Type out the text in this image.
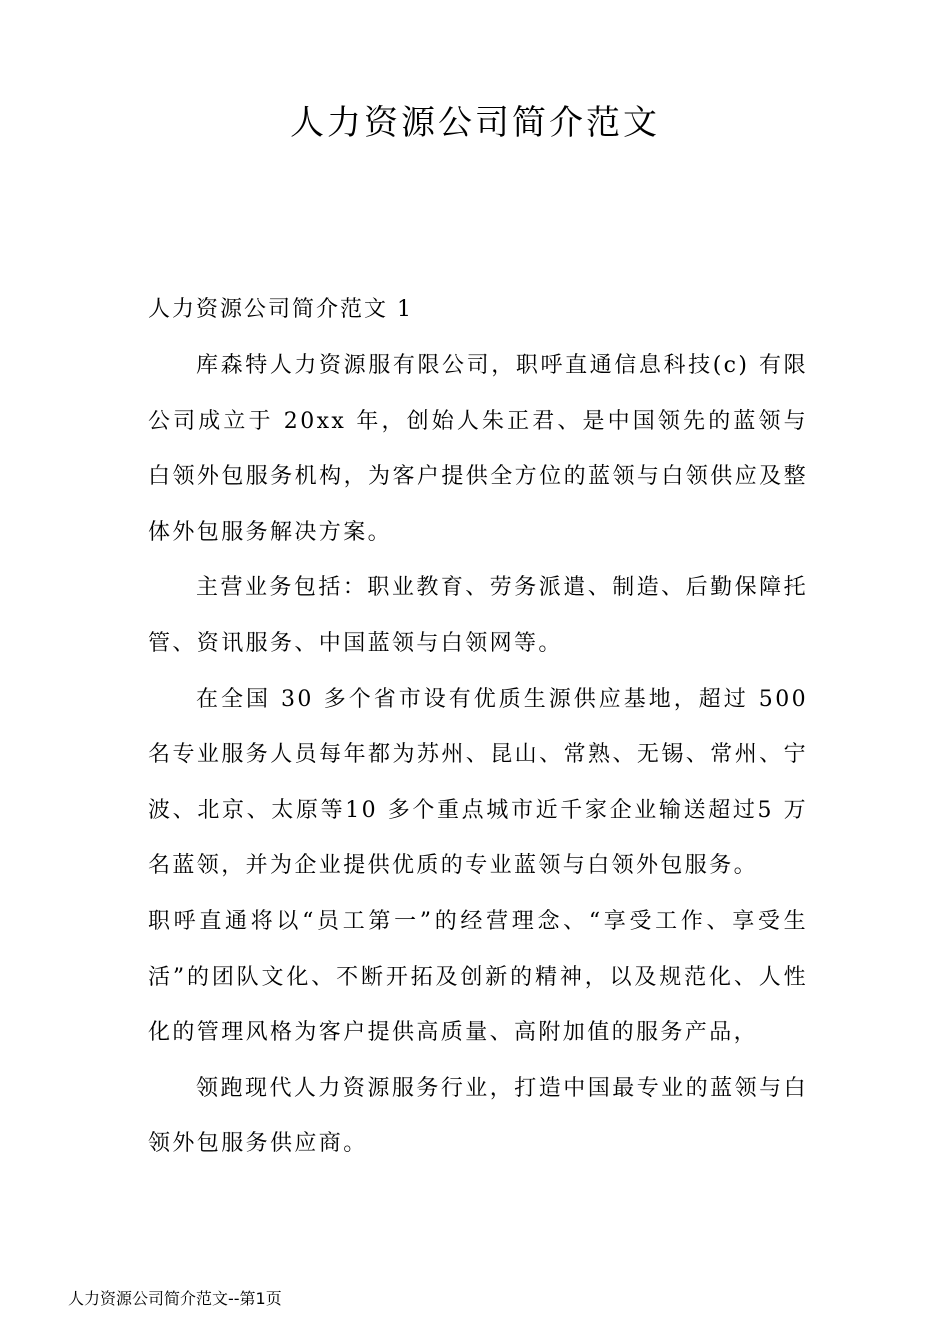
人力资源公司简介范文

人力资源公司简介范文 1

库森特人力资源服有限公司，职呼直通信息科技(c) 有限公司成立于 20xx 年，创始人朱正君、是中国领先的蓝领与白领外包服务机构，为客户提供全方位的蓝领与白领供应及整体外包服务解决方案。

主营业务包括：职业教育、劳务派遣、制造、后勤保障托管、资讯服务、中国蓝领与白领网等。

在全国 30 多个省市设有优质生源供应基地，超过 500 名专业服务人员每年都为苏州、昆山、常熟、无锡、常州、宁波、北京、太原等10 多个重点城市近千家企业输送超过5 万名蓝领，并为企业提供优质的专业蓝领与白领外包服务。

职呼直通将以“员工第一”的经营理念、“享受工作、享受生活”的团队文化、不断开拓及创新的精神，以及规范化、人性化的管理风格为客户提供高质量、高附加值的服务产品，

领跑现代人力资源服务行业，打造中国最专业的蓝领与白领外包服务供应商。

人力资源公司简介范文--第1页
